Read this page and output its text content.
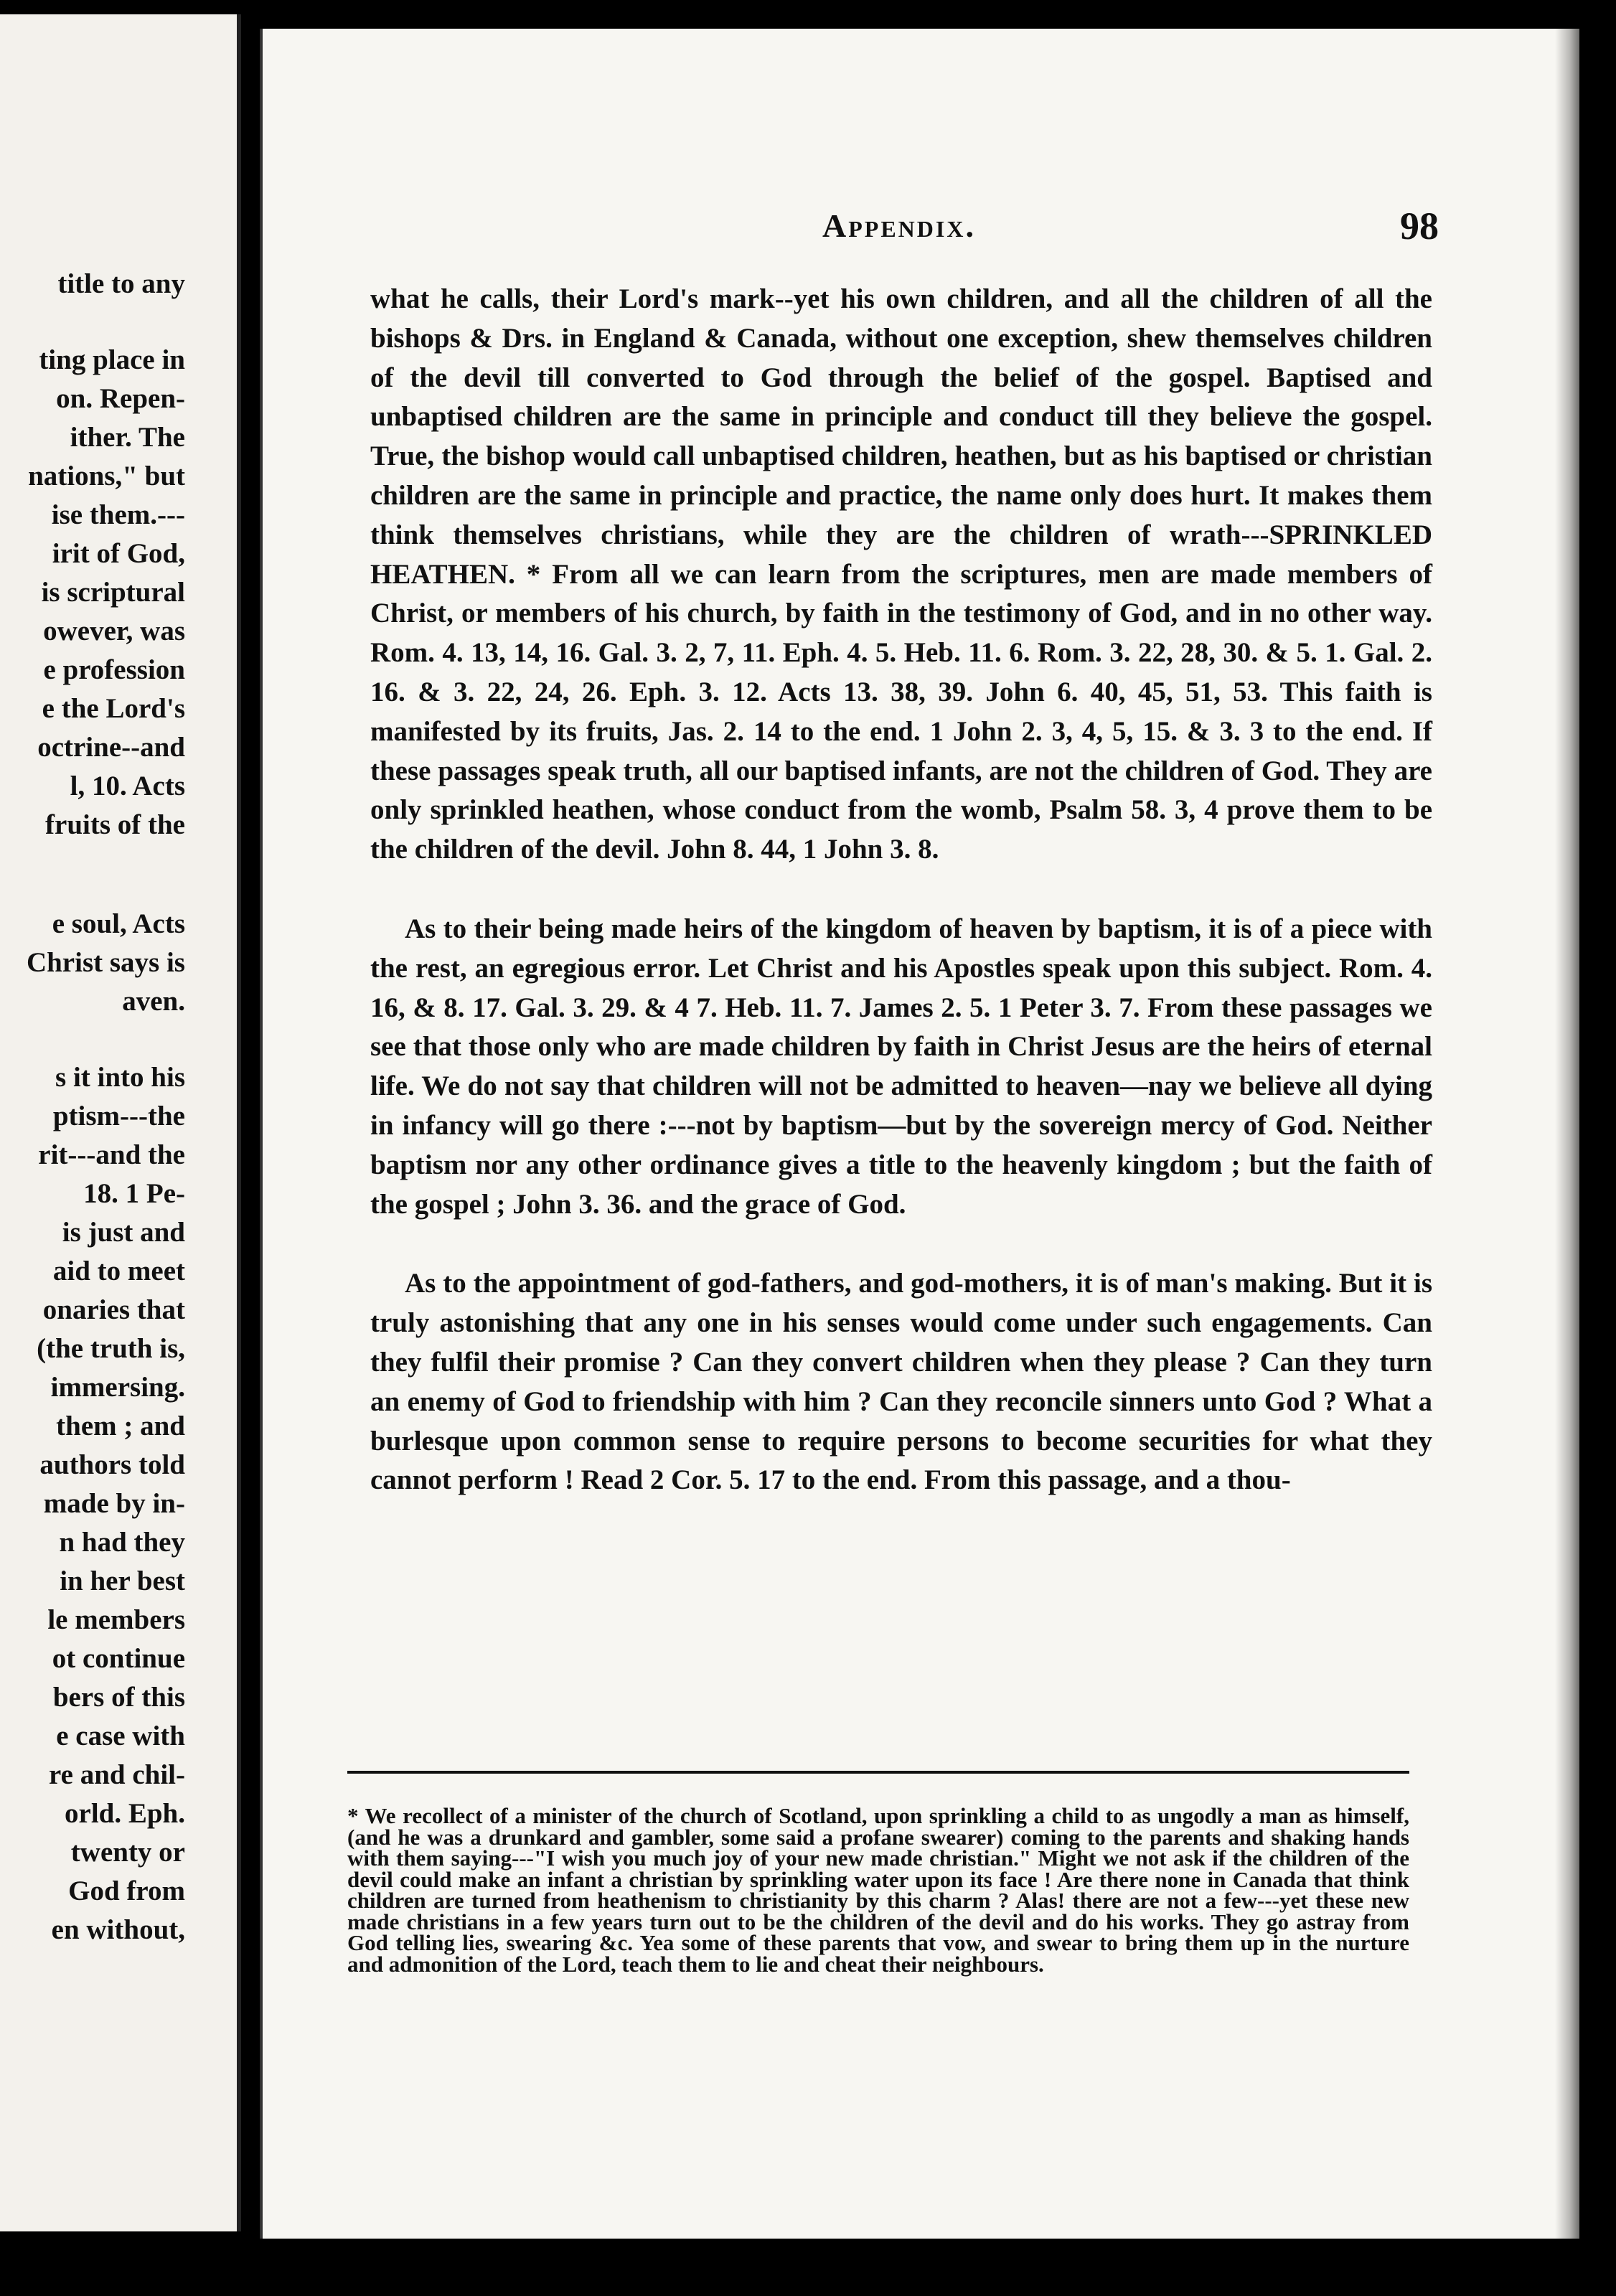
title to any
ting place in
on. Repen-
ither. The
nations," but
ise them.---
irit of God,
is scriptural
owever, was
e profession
e the Lord's
octrine--and
l, 10. Acts
fruits of the
e soul, Acts
Christ says is
aven.
s it into his
ptism---the
rit---and the
18. 1 Pe-
is just and
aid to meet
onaries that
(the truth is,
immersing.
them ; and
authors told
made by in-
n had they
in her best
le members
ot continue
bers of this
e case with
re and chil-
orld. Eph.
twenty or
God from
en without,
Appendix.	98

what he calls, their Lord's mark--yet his own children, and all the children of all the bishops & Drs. in England & Canada, without one exception, shew themselves children of the devil till converted to God through the belief of the gospel. Baptised and unbaptised children are the same in principle and conduct till they believe the gospel. True, the bishop would call unbaptised children, heathen, but as his baptised or christian children are the same in principle and practice, the name only does hurt. It makes them think themselves christians, while they are the children of wrath---SPRINKLED HEATHEN. * From all we can learn from the scriptures, men are made members of Christ, or members of his church, by faith in the testimony of God, and in no other way. Rom. 4. 13, 14, 16. Gal. 3. 2, 7, 11. Eph. 4. 5. Heb. 11. 6. Rom. 3. 22, 28, 30. & 5. 1. Gal. 2. 16. & 3. 22, 24, 26. Eph. 3. 12. Acts 13. 38, 39. John 6. 40, 45, 51, 53. This faith is manifested by its fruits, Jas. 2. 14 to the end. 1 John 2. 3, 4, 5, 15. & 3. 3 to the end. If these passages speak truth, all our baptised infants, are not the children of God. They are only sprinkled heathen, whose conduct from the womb, Psalm 58. 3, 4 prove them to be the children of the devil. John 8. 44, 1 John 3. 8.

As to their being made heirs of the kingdom of heaven by baptism, it is of a piece with the rest, an egregious error. Let Christ and his Apostles speak upon this subject. Rom. 4. 16, & 8. 17. Gal. 3. 29. & 4 7. Heb. 11. 7. James 2. 5. 1 Peter 3. 7. From these passages we see that those only who are made children by faith in Christ Jesus are the heirs of eternal life. We do not say that children will not be admitted to heaven—nay we believe all dying in infancy will go there :---not by baptism—but by the sovereign mercy of God. Neither baptism nor any other ordinance gives a title to the heavenly kingdom ; but the faith of the gospel ; John 3. 36. and the grace of God.

As to the appointment of god-fathers, and god-mothers, it is of man's making. But it is truly astonishing that any one in his senses would come under such engagements. Can they fulfil their promise ? Can they convert children when they please ? Can they turn an enemy of God to friendship with him ? Can they reconcile sinners unto God ? What a burlesque upon common sense to require persons to become securities for what they cannot perform ! Read 2 Cor. 5. 17 to the end. From this passage, and a thou-

* We recollect of a minister of the church of Scotland, upon sprinkling a child to as ungodly a man as himself, (and he was a drunkard and gambler, some said a profane swearer) coming to the parents and shaking hands with them saying---"I wish you much joy of your new made christian." Might we not ask if the children of the devil could make an infant a christian by sprinkling water upon its face ! Are there none in Canada that think children are turned from heathenism to christianity by this charm ? Alas! there are not a few---yet these new made christians in a few years turn out to be the children of the devil and do his works. They go astray from God telling lies, swearing &c. Yea some of these parents that vow, and swear to bring them up in the nurture and admonition of the Lord, teach them to lie and cheat their neighbours.
